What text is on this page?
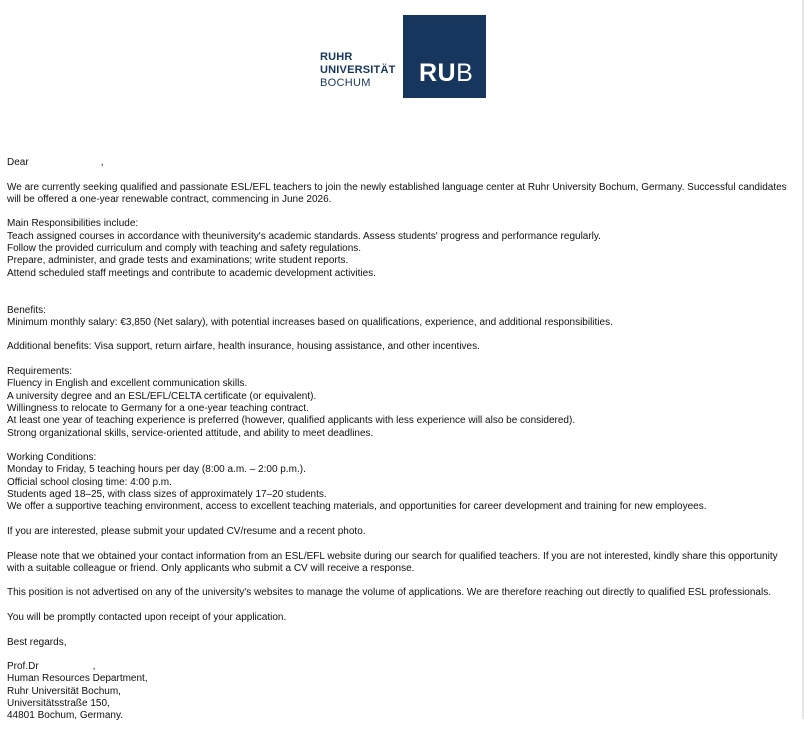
RUHR
UNIVERSITÄT
BOCHUM	RUB
Dear	,
We are currently seeking qualified and passionate ESL/EFL teachers to join the newly established language center at Ruhr University Bochum, Germany. Successful candidates will be offered a one-year renewable contract, commencing in June 2026.
Main Responsibilities include:
Teach assigned courses in accordance with theuniversity's academic standards. Assess students' progress and performance regularly.
Follow the provided curriculum and comply with teaching and safety regulations.
Prepare, administer, and grade tests and examinations; write student reports.
Attend scheduled staff meetings and contribute to academic development activities.
Benefits:
Minimum monthly salary: €3,850 (Net salary), with potential increases based on qualifications, experience, and additional responsibilities.
Additional benefits: Visa support, return airfare, health insurance, housing assistance, and other incentives.
Requirements:
Fluency in English and excellent communication skills.
A university degree and an ESL/EFL/CELTA certificate (or equivalent).
Willingness to relocate to Germany for a one-year teaching contract.
At least one year of teaching experience is preferred (however, qualified applicants with less experience will also be considered).
Strong organizational skills, service-oriented attitude, and ability to meet deadlines.
Working Conditions:
Monday to Friday, 5 teaching hours per day (8:00 a.m. – 2:00 p.m.).
Official school closing time: 4:00 p.m.
Students aged 18–25, with class sizes of approximately 17–20 students.
We offer a supportive teaching environment, access to excellent teaching materials, and opportunities for career development and training for new employees.
If you are interested, please submit your updated CV/resume and a recent photo.
Please note that we obtained your contact information from an ESL/EFL website during our search for qualified teachers. If you are not interested, kindly share this opportunity with a suitable colleague or friend. Only applicants who submit a CV will receive a response.
This position is not advertised on any of the university's websites to manage the volume of applications. We are therefore reaching out directly to qualified ESL professionals.
You will be promptly contacted upon receipt of your application.
Best regards,
Prof.Dr	,
Human Resources Department,
Ruhr Universität Bochum,
Universitätsstraße 150,
44801 Bochum, Germany.
